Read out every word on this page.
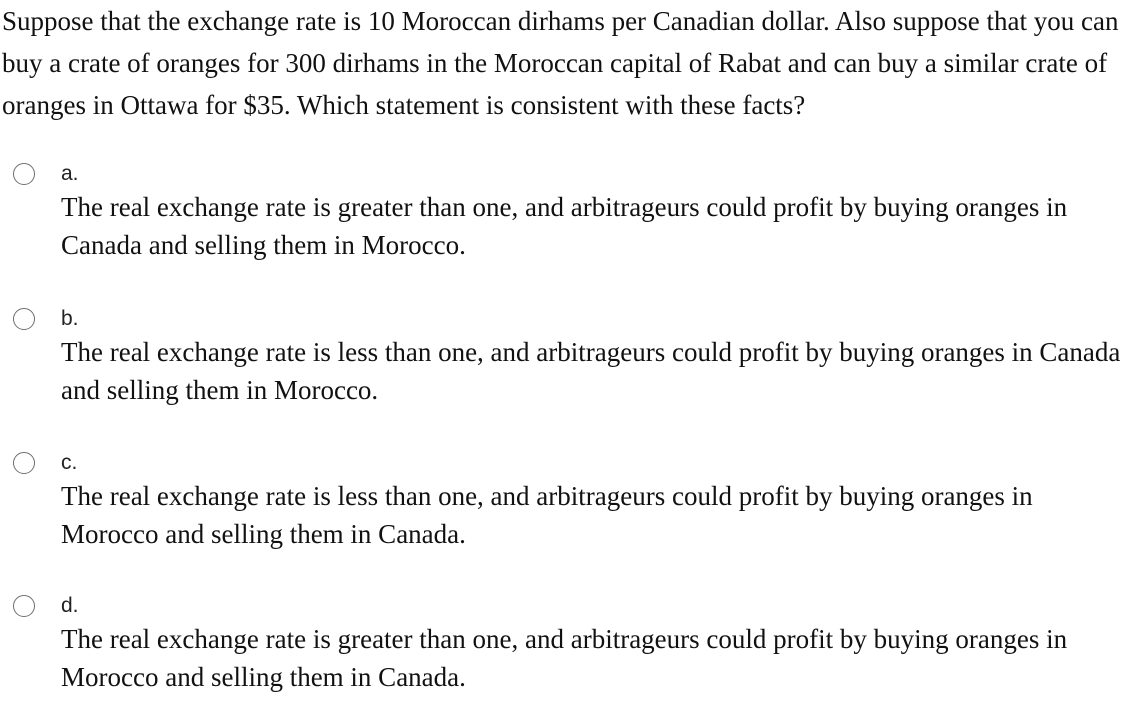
Suppose that the exchange rate is 10 Moroccan dirhams per Canadian dollar. Also suppose that you can buy a crate of oranges for 300 dirhams in the Moroccan capital of Rabat and can buy a similar crate of oranges in Ottawa for $35. Which statement is consistent with these facts?

a.

The real exchange rate is greater than one, and arbitrageurs could profit by buying oranges in Canada and selling them in Morocco.

b.

The real exchange rate is less than one, and arbitrageurs could profit by buying oranges in Canada and selling them in Morocco.

c.

The real exchange rate is less than one, and arbitrageurs could profit by buying oranges in Morocco and selling them in Canada.

d.

The real exchange rate is greater than one, and arbitrageurs could profit by buying oranges in Morocco and selling them in Canada.
